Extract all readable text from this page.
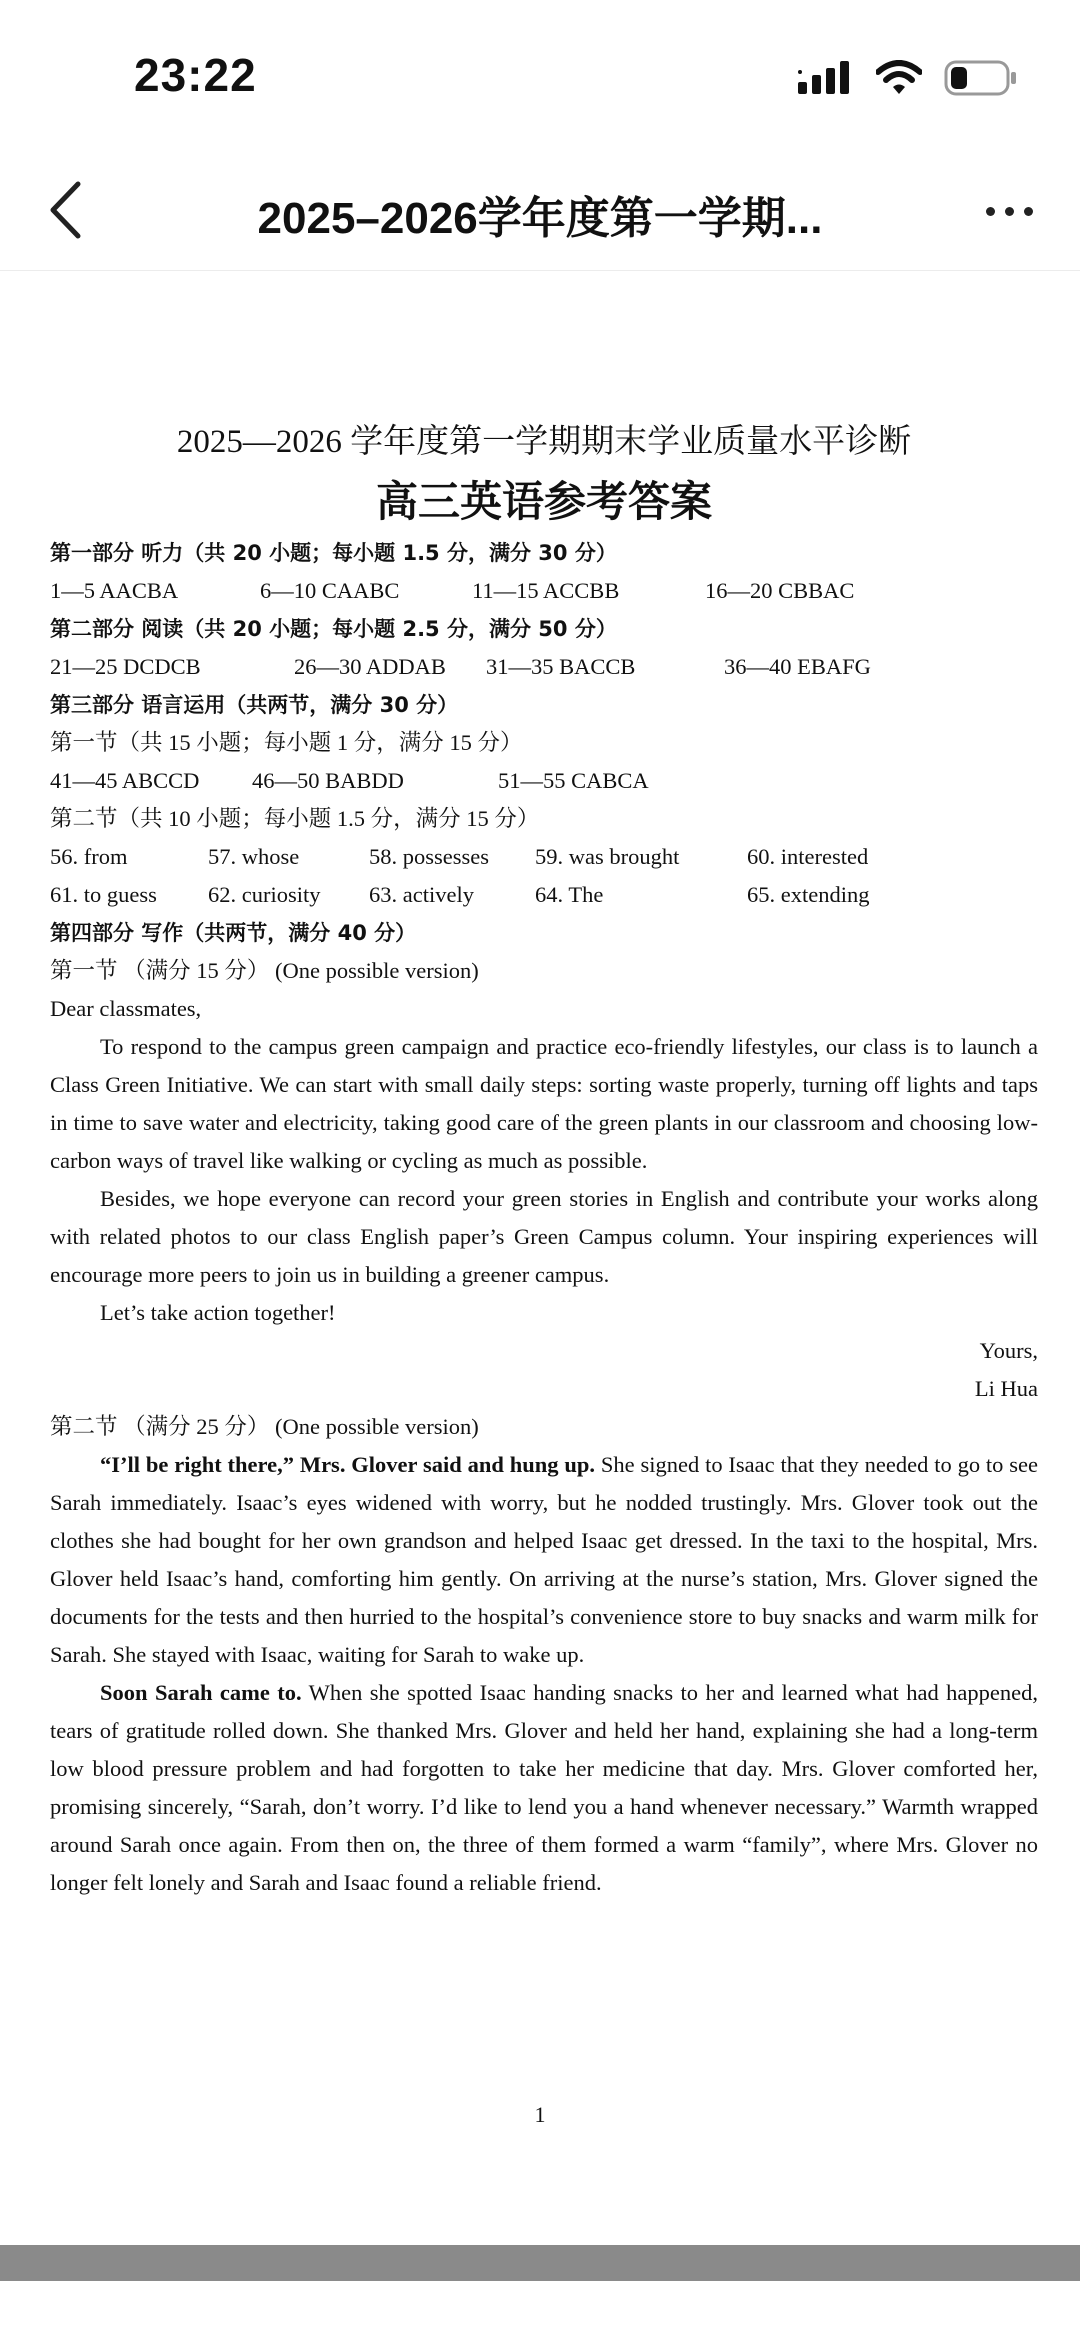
23:22
2025–2026学年度第一学期...
2025—2026 学年度第一学期期末学业质量水平诊断
高三英语参考答案
第一部分 听力（共 20 小题；每小题 1.5 分，满分 30 分）
1—5 AACBA	6—10 CAABC	11—15 ACCBB	16—20 CBBAC
第二部分 阅读（共 20 小题；每小题 2.5 分，满分 50 分）
21—25 DCDCB	26—30 ADDAB	31—35 BACCB	36—40 EBAFG
第三部分 语言运用（共两节，满分 30 分）
第一节（共 15 小题；每小题 1 分，满分 15 分）
41—45 ABCCD	46—50 BABDD	51—55 CABCA
第二节（共 10 小题；每小题 1.5 分，满分 15 分）
56. from	57. whose	58. possesses	59. was brought	60. interested
61. to guess	62. curiosity	63. actively	64. The	65. extending
第四部分 写作（共两节，满分 40 分）
第一节 （满分 15 分） (One possible version)

Dear classmates,

To respond to the campus green campaign and practice eco-friendly lifestyles, our class is to launch a Class Green Initiative. We can start with small daily steps: sorting waste properly, turning off lights and taps in time to save water and electricity, taking good care of the green plants in our classroom and choosing low-carbon ways of travel like walking or cycling as much as possible.

Besides, we hope everyone can record your green stories in English and contribute your works along with related photos to our class English paper’s Green Campus column. Your inspiring experiences will encourage more peers to join us in building a greener campus.

Let’s take action together!

Yours,

Li Hua

第二节 （满分 25 分） (One possible version)

“I’ll be right there,” Mrs. Glover said and hung up. She signed to Isaac that they needed to go to see Sarah immediately. Isaac’s eyes widened with worry, but he nodded trustingly. Mrs. Glover took out the clothes she had bought for her own grandson and helped Isaac get dressed. In the taxi to the hospital, Mrs. Glover held Isaac’s hand, comforting him gently. On arriving at the nurse’s station, Mrs. Glover signed the documents for the tests and then hurried to the hospital’s convenience store to buy snacks and warm milk for Sarah. She stayed with Isaac, waiting for Sarah to wake up.

Soon Sarah came to. When she spotted Isaac handing snacks to her and learned what had happened, tears of gratitude rolled down. She thanked Mrs. Glover and held her hand, explaining she had a long-term low blood pressure problem and had forgotten to take her medicine that day. Mrs. Glover comforted her, promising sincerely, “Sarah, don’t worry. I’d like to lend you a hand whenever necessary.” Warmth wrapped around Sarah once again. From then on, the three of them formed a warm “family”, where Mrs. Glover no longer felt lonely and Sarah and Isaac found a reliable friend.

1
